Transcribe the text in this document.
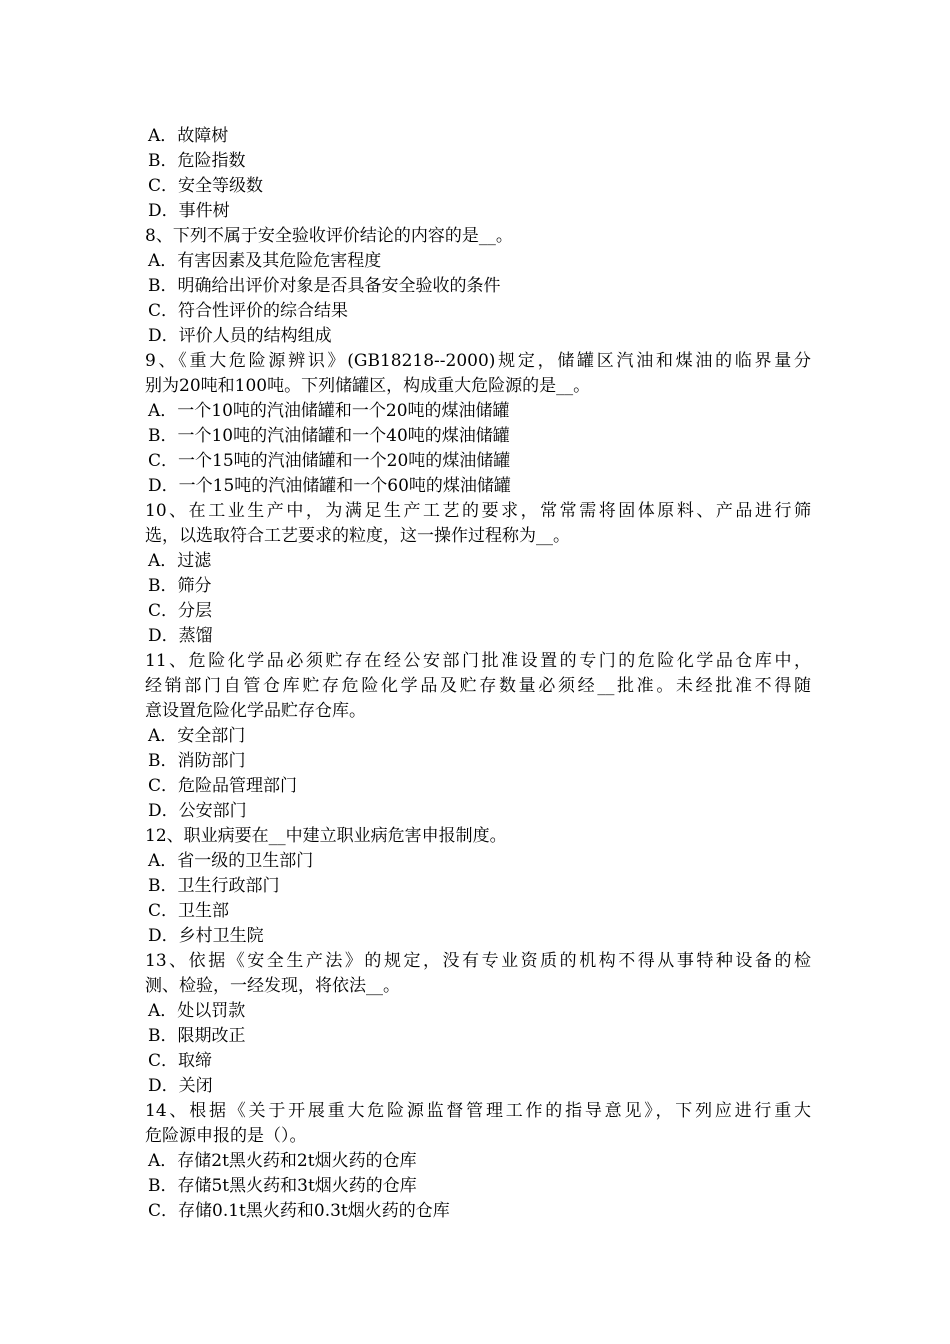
A．故障树
B．危险指数
C．安全等级数
D．事件树
8、下列不属于安全验收评价结论的内容的是__。
A．有害因素及其危险危害程度
B．明确给出评价对象是否具备安全验收的条件
C．符合性评价的综合结果
D．评价人员的结构组成
9、《重大危险源辨识》(GB18218--2000)规定，储罐区汽油和煤油的临界量分
别为20吨和100吨。下列储罐区，构成重大危险源的是__。
A．一个10吨的汽油储罐和一个20吨的煤油储罐
B．一个10吨的汽油储罐和一个40吨的煤油储罐
C．一个15吨的汽油储罐和一个20吨的煤油储罐
D．一个15吨的汽油储罐和一个60吨的煤油储罐
10、在工业生产中，为满足生产工艺的要求，常常需将固体原料、产品进行筛
选，以选取符合工艺要求的粒度，这一操作过程称为__。
A．过滤
B．筛分
C．分层
D．蒸馏
11、危险化学品必须贮存在经公安部门批准设置的专门的危险化学品仓库中，
经销部门自管仓库贮存危险化学品及贮存数量必须经__批准。未经批准不得随
意设置危险化学品贮存仓库。
A．安全部门
B．消防部门
C．危险品管理部门
D．公安部门
12、职业病要在__中建立职业病危害申报制度。
A．省一级的卫生部门
B．卫生行政部门
C．卫生部
D．乡村卫生院
13、依据《安全生产法》的规定，没有专业资质的机构不得从事特种设备的检
测、检验，一经发现，将依法__。
A．处以罚款
B．限期改正
C．取缔
D．关闭
14、根据《关于开展重大危险源监督管理工作的指导意见》，下列应进行重大
危险源申报的是（）。
A．存储2t黑火药和2t烟火药的仓库
B．存储5t黑火药和3t烟火药的仓库
C．存储0.1t黑火药和0.3t烟火药的仓库
